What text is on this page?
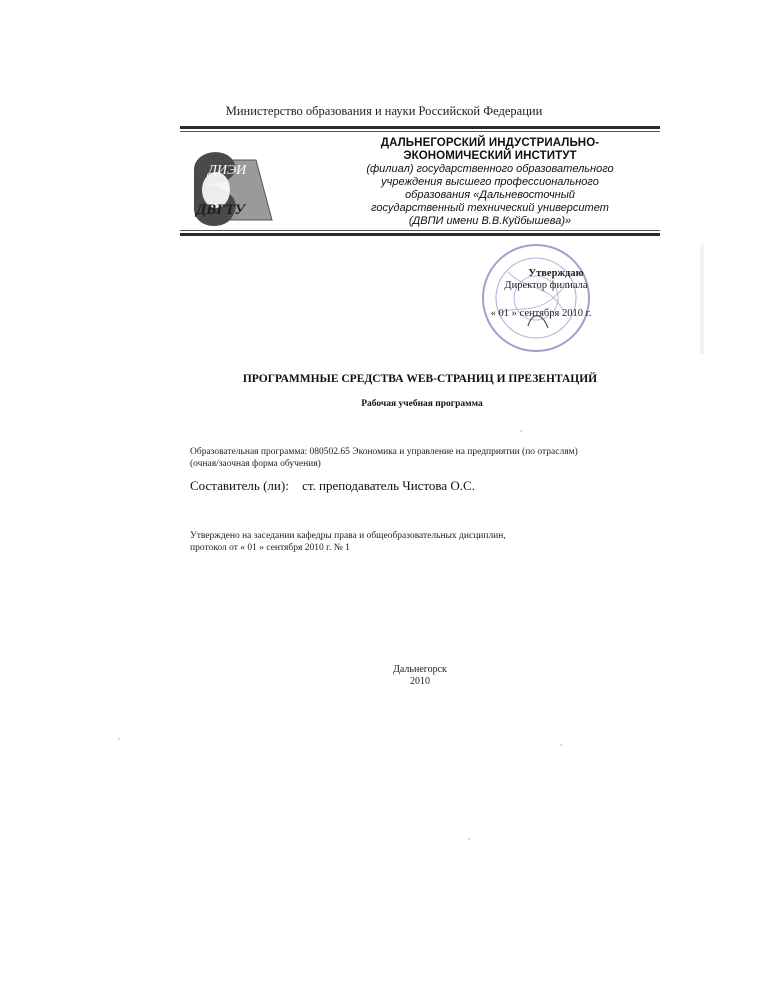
Министерство образования и науки Российской Федерации
ДИЭИ
ДВГТУ
ДАЛЬНЕГОРСКИЙ ИНДУСТРИАЛЬНО-
ЭКОНОМИЧЕСКИЙ ИНСТИТУТ
(филиал) государственного образовательного
учреждения высшего профессионального
образования «Дальневосточный
государственный технический университет
(ДВПИ имени В.В.Куйбышева)»
Утверждаю
Директор филиала
« 01 » сентября 2010 г.
ПРОГРАММНЫЕ СРЕДСТВА WEB-СТРАНИЦ И ПРЕЗЕНТАЦИЙ
Рабочая учебная программа
Образовательная программа: 080502.65 Экономика и управление на предприятии (по отраслям)
(очная/заочная форма обучения)
Составитель (ли): ст. преподаватель Чистова О.С.
Утверждено на заседании кафедры права и общеобразовательных дисциплин,
протокол от « 01 » сентября 2010 г. № 1
Дальнегорск
2010
